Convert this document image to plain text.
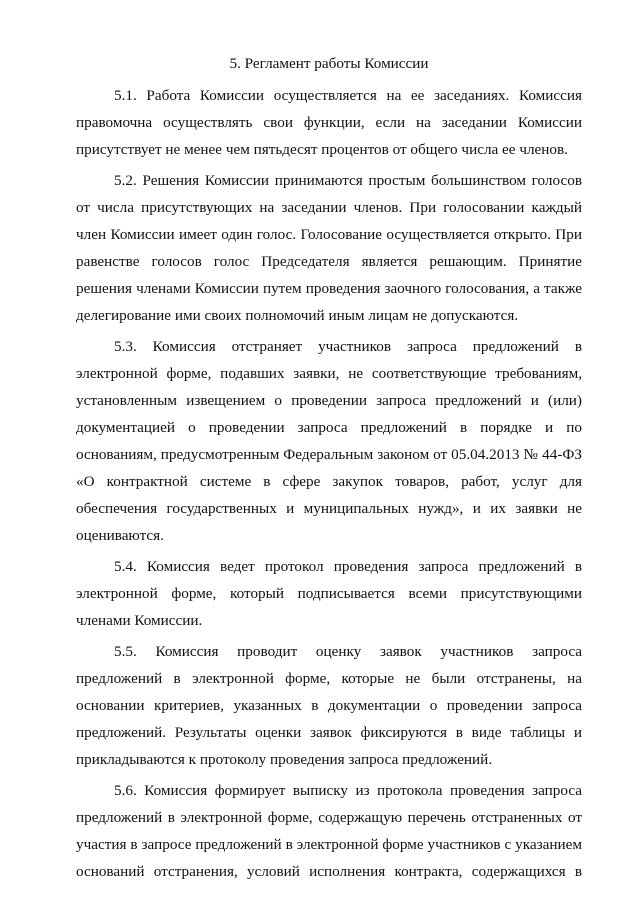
5. Регламент работы Комиссии
5.1. Работа Комиссии осуществляется на ее заседаниях. Комиссия
правомочна осуществлять свои функции, если на заседании Комиссии
присутствует не менее чем пятьдесят процентов от общего числа ее членов.
5.2. Решения Комиссии принимаются простым большинством голосов
от числа присутствующих на заседании членов. При голосовании каждый
член Комиссии имеет один голос. Голосование осуществляется открыто. При
равенстве голосов голос Председателя является решающим. Принятие
решения членами Комиссии путем проведения заочного голосования, а также
делегирование ими своих полномочий иным лицам не допускаются.
5.3. Комиссия отстраняет участников запроса предложений в
электронной форме, подавших заявки, не соответствующие требованиям,
установленным извещением о проведении запроса предложений и (или)
документацией о проведении запроса предложений в порядке и по
основаниям, предусмотренным Федеральным законом от 05.04.2013 № 44-ФЗ
«О контрактной системе в сфере закупок товаров, работ, услуг для
обеспечения государственных и муниципальных нужд», и их заявки не
оцениваются.
5.4. Комиссия ведет протокол проведения запроса предложений в
электронной форме, который подписывается всеми присутствующими
членами Комиссии.
5.5. Комиссия проводит оценку заявок участников запроса
предложений в электронной форме, которые не были отстранены, на
основании критериев, указанных в документации о проведении запроса
предложений. Результаты оценки заявок фиксируются в виде таблицы и
прикладываются к протоколу проведения запроса предложений.
5.6. Комиссия формирует выписку из протокола проведения запроса
предложений в электронной форме, содержащую перечень отстраненных от
участия в запросе предложений в электронной форме участников с указанием
оснований отстранения, условий исполнения контракта, содержащихся в
